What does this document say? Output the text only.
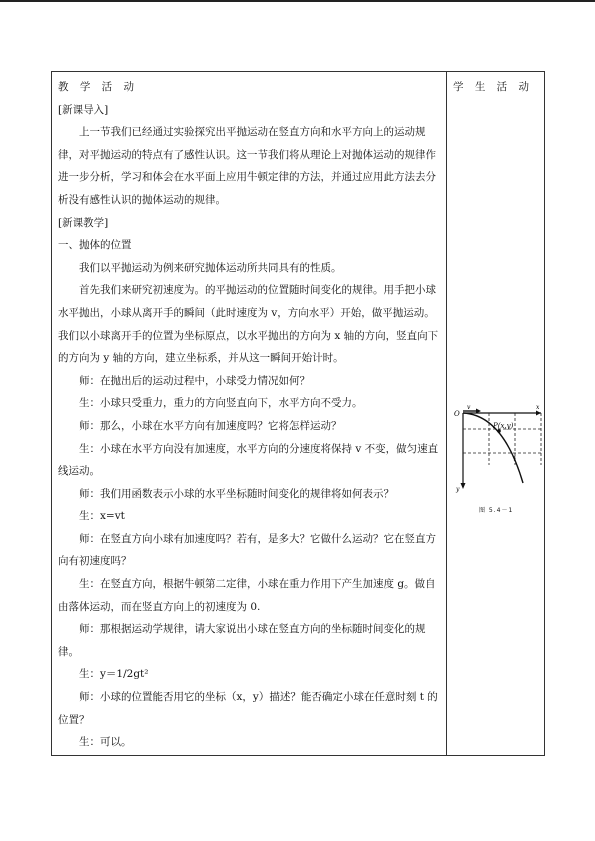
教 学 活 动

[新课导入]

上一节我们已经通过实验探究出平抛运动在竖直方向和水平方向上的运动规律，对平抛运动的特点有了感性认识。这一节我们将从理论上对抛体运动的规律作进一步分析，学习和体会在水平面上应用牛顿定律的方法，并通过应用此方法去分析没有感性认识的抛体运动的规律。

[新课教学]

一、抛体的位置

我们以平抛运动为例来研究抛体运动所共同具有的性质。

首先我们来研究初速度为。的平抛运动的位置随时间变化的规律。用手把小球水平抛出，小球从离开手的瞬间（此时速度为 v，方向水平）开始，做平抛运动。我们以小球离开手的位置为坐标原点，以水平抛出的方向为 x 轴的方向，竖直向下的方向为 y 轴的方向，建立坐标系，并从这一瞬间开始计时。

师：在抛出后的运动过程中，小球受力情况如何？

生：小球只受重力，重力的方向竖直向下，水平方向不受力。

师：那么，小球在水平方向有加速度吗？它将怎样运动？

生：小球在水平方向没有加速度，水平方向的分速度将保持 v 不变，做匀速直线运动。

师：我们用函数表示小球的水平坐标随时间变化的规律将如何表示？

生：x=vt

师：在竖直方向小球有加速度吗？若有，是多大？它做什么运动？它在竖直方向有初速度吗？

生：在竖直方向，根据牛顿第二定律，小球在重力作用下产生加速度 g。做自由落体运动，而在竖直方向上的初速度为 0.

师：那根据运动学规律，请大家说出小球在竖直方向的坐标随时间变化的规律。

生：y＝1/2gt²

师：小球的位置能否用它的坐标（x，y）描述？能否确定小球在任意时刻 t 的位置？

生：可以。

学 生 活 动
O
v	x
y
P(x,y)
1
图 5.4－1
